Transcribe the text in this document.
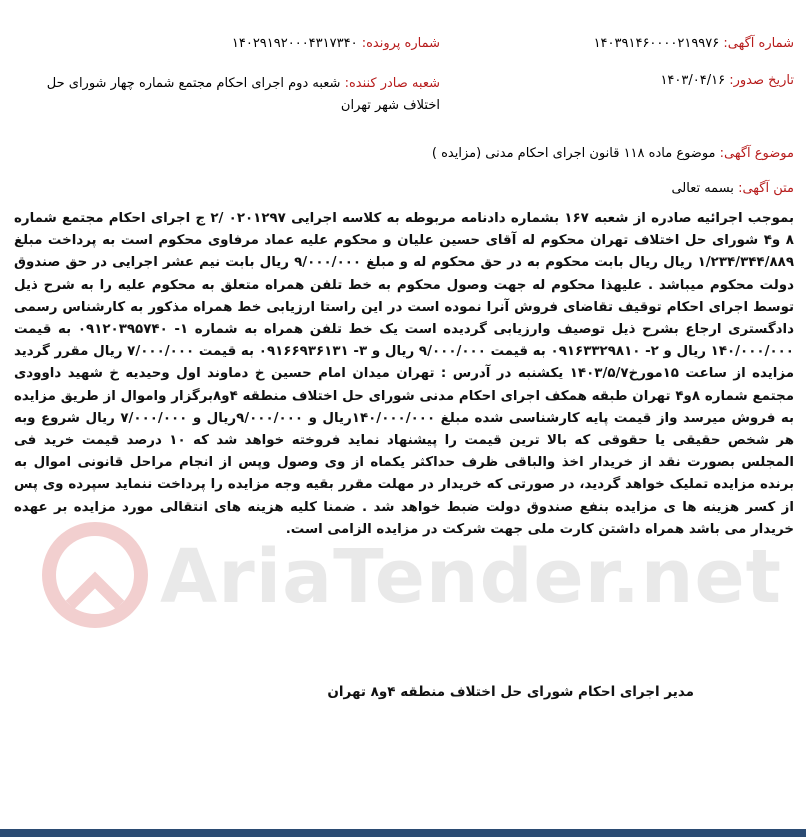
شماره آگهی: ۱۴۰۳۹۱۴۶۰۰۰۰۲۱۹۹۷۶
شماره پرونده: ۱۴۰۲۹۱۹۲۰۰۰۴۳۱۷۳۴۰
تاریخ صدور: ۱۴۰۳/۰۴/۱۶
شعبه صادر کننده: شعبه دوم اجرای احکام مجتمع شماره چهار شورای حل اختلاف شهر تهران
موضوع آگهی: موضوع ماده ۱۱۸ قانون اجرای احکام مدنی (مزایده )
متن آگهی: بسمه تعالی
AriaTender.net
بموجب اجرائیه صادره از شعبه ۱۶۷ بشماره دادنامه مربوطه به کلاسه اجرایی ۰۲۰۱۲۹۷ /۲ ج اجرای احکام مجتمع شماره ۸ و۴ شورای حل اختلاف تهران محکوم له آقای حسین علیان و محکوم علیه عماد مرفاوی محکوم است به پرداخت مبلغ ۱/۲۳۴/۳۴۴/۸۸۹ ریال ریال بابت محکوم به در حق محکوم له و مبلغ ۹/۰۰۰/۰۰۰ ریال بابت نیم عشر اجرایی در حق صندوق دولت محکوم میباشد . علیهذا محکوم له جهت وصول محکوم به خط تلفن همراه متعلق به محکوم علیه را به شرح ذیل توسط اجرای احکام توقیف تقاضای فروش آنرا نموده است در این راستا ارزیابی خط همراه مذکور به کارشناس رسمی دادگستری ارجاع بشرح ذیل توصیف وارزیابی گردیده است یک خط تلفن همراه به شماره ۱- ۰۹۱۲۰۳۹۵۷۴۰ به قیمت ۱۴۰/۰۰۰/۰۰۰ ریال و ۲- ۰۹۱۶۳۳۲۹۸۱۰ به قیمت ۹/۰۰۰/۰۰۰ ریال و ۳- ۰۹۱۶۶۹۳۶۱۳۱ به قیمت ۷/۰۰۰/۰۰۰ ریال مقرر گردید مزایده از ساعت ۱۵مورخ۱۴۰۳/۵/۷ یکشنبه در آدرس : تهران میدان امام حسین خ دماوند اول وحیدیه خ شهید داوودی مجتمع شماره ۸و۴ تهران طبقه همکف اجرای احکام مدنی شورای حل اختلاف منطقه ۴و۸برگزار واموال از طریق مزایده به فروش میرسد واز قیمت پایه کارشناسی شده مبلغ ۱۴۰/۰۰۰/۰۰۰ریال و ۹/۰۰۰/۰۰۰ریال و ۷/۰۰۰/۰۰۰ ریال شروع وبه هر شخص حقیقی یا حقوقی که بالا ترین قیمت را پیشنهاد نماید فروخته خواهد شد که ۱۰ درصد قیمت خرید فی المجلس بصورت نقد از خریدار اخذ والباقی ظرف حداکثر یکماه از وی وصول وپس از انجام مراحل قانونی اموال به برنده مزایده تملیک خواهد گردید، در صورتی که خریدار در مهلت مقرر بقیه وجه مزایده را پرداخت ننماید سپرده وی پس از کسر هزینه ها ی مزایده بنفع صندوق دولت ضبط خواهد شد . ضمنا کلیه هزینه های انتقالی مورد مزایده بر عهده خریدار می باشد همراه داشتن کارت ملی جهت شرکت در مزایده الزامی است.
مدیر اجرای احکام شورای حل اختلاف منطقه ۴و۸ تهران
